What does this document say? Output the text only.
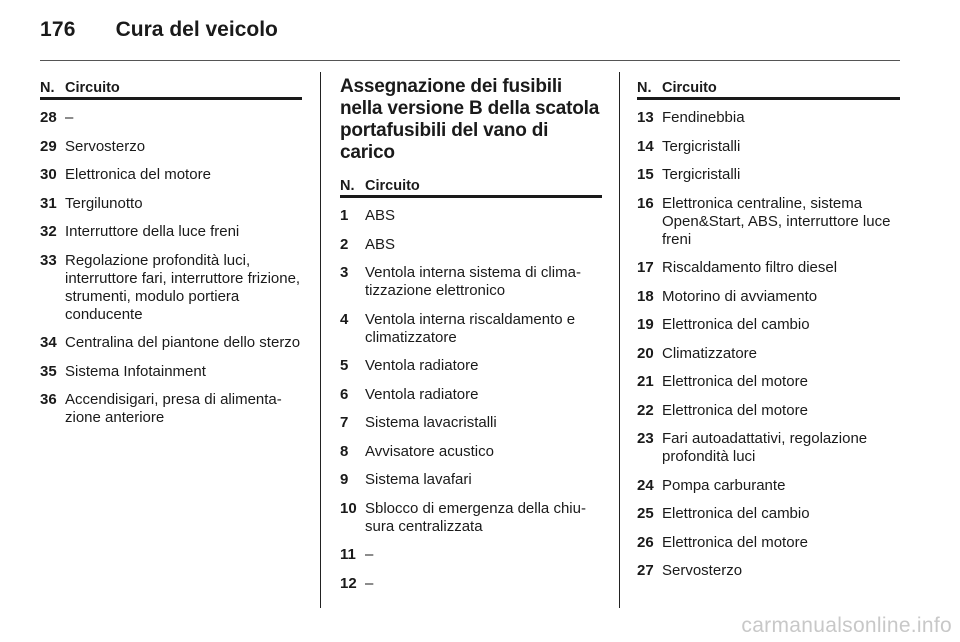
176 Cura del veicolo
N. Circuito
28 –
29 Servosterzo
30 Elettronica del motore
31 Tergilunotto
32 Interruttore della luce freni
33 Regolazione profondità luci, interruttore fari, interruttore frizione, strumenti, modulo portiera conducente
34 Centralina del piantone dello sterzo
35 Sistema Infotainment
36 Accendisigari, presa di alimenta-zione anteriore
Assegnazione dei fusibili nella versione B della scatola portafusibili del vano di carico
N. Circuito
1	ABS
2	ABS
3	Ventola interna sistema di clima-tizzazione elettronico
4	Ventola interna riscaldamento e climatizzatore
5	Ventola radiatore
6	Ventola radiatore
7	Sistema lavacristalli
8	Avvisatore acustico
9	Sistema lavafari
10 Sblocco di emergenza della chiu-sura centralizzata
11 –
12 –
N. Circuito
13 Fendinebbia
14 Tergicristalli
15 Tergicristalli
16 Elettronica centraline, sistema Open&Start, ABS, interruttore luce freni
17 Riscaldamento filtro diesel
18 Motorino di avviamento
19 Elettronica del cambio
20 Climatizzatore
21 Elettronica del motore
22 Elettronica del motore
23 Fari autoadattativi, regolazione profondità luci
24 Pompa carburante
25 Elettronica del cambio
26 Elettronica del motore
27 Servosterzo
carmanualsonline.info
